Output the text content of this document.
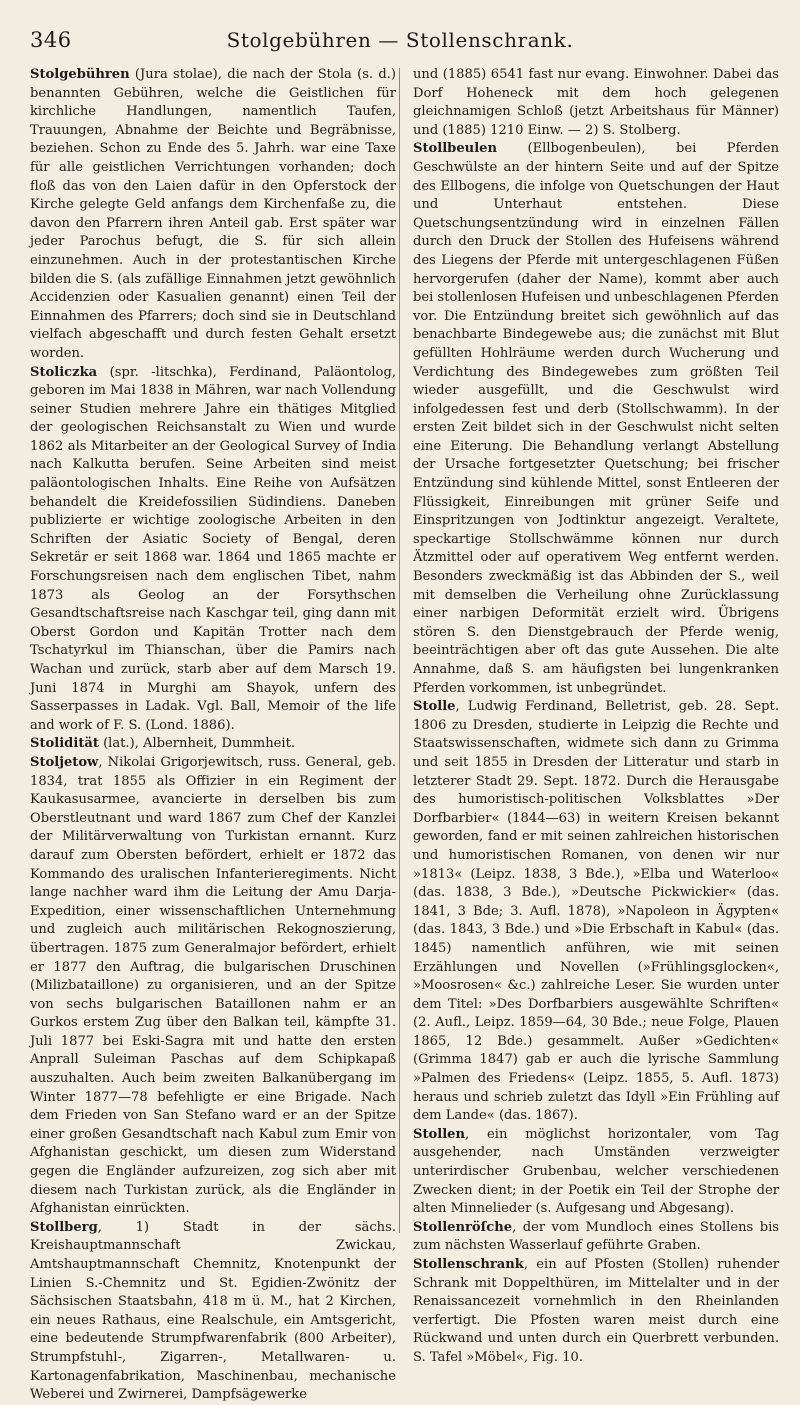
346	Stolgebühren — Stollenschrank.

Stolgebühren (Jura stolae), die nach der Stola (s. d.) benannten Gebühren, welche die Geistlichen für kirchliche Handlungen, namentlich Taufen, Trauungen, Abnahme der Beichte und Begräbnisse, beziehen. Schon zu Ende des 5. Jahrh. war eine Taxe für alle geistlichen Verrichtungen vorhanden; doch floß das von den Laien dafür in den Opferstock der Kirche gelegte Geld anfangs dem Kirchenfaße zu, die davon den Pfarrern ihren Anteil gab. Erst später war jeder Parochus befugt, die S. für sich allein einzunehmen. Auch in der protestantischen Kirche bilden die S. (als zufällige Einnahmen jetzt gewöhnlich Accidenzien oder Kasualien genannt) einen Teil der Einnahmen des Pfarrers; doch sind sie in Deutschland vielfach abgeschafft und durch festen Gehalt ersetzt worden.

Stoliczka (spr. -litschka), Ferdinand, Paläontolog, geboren im Mai 1838 in Mähren, war nach Vollendung seiner Studien mehrere Jahre ein thätiges Mitglied der geologischen Reichsanstalt zu Wien und wurde 1862 als Mitarbeiter an der Geological Survey of India nach Kalkutta berufen. Seine Arbeiten sind meist paläontologischen Inhalts. Eine Reihe von Aufsätzen behandelt die Kreidefossilien Südindiens. Daneben publizierte er wichtige zoologische Arbeiten in den Schriften der Asiatic Society of Bengal, deren Sekretär er seit 1868 war. 1864 und 1865 machte er Forschungsreisen nach dem englischen Tibet, nahm 1873 als Geolog an der Forsythschen Gesandtschaftsreise nach Kaschgar teil, ging dann mit Oberst Gordon und Kapitän Trotter nach dem Tschatyrkul im Thianschan, über die Pamirs nach Wachan und zurück, starb aber auf dem Marsch 19. Juni 1874 in Murghi am Shayok, unfern des Sasserpasses in Ladak. Vgl. Ball, Memoir of the life and work of F. S. (Lond. 1886).

Stolidität (lat.), Albernheit, Dummheit.

Stoljetow, Nikolai Grigorjewitsch, russ. General, geb. 1834, trat 1855 als Offizier in ein Regiment der Kaukasusarmee, avancierte in derselben bis zum Oberstleutnant und ward 1867 zum Chef der Kanzlei der Militärverwaltung von Turkistan ernannt. Kurz darauf zum Obersten befördert, erhielt er 1872 das Kommando des uralischen Infanterieregiments. Nicht lange nachher ward ihm die Leitung der Amu Darja-Expedition, einer wissenschaftlichen Unternehmung und zugleich auch militärischen Rekognoszierung, übertragen. 1875 zum Generalmajor befördert, erhielt er 1877 den Auftrag, die bulgarischen Druschinen (Milizbataillone) zu organisieren, und an der Spitze von sechs bulgarischen Bataillonen nahm er an Gurkos erstem Zug über den Balkan teil, kämpfte 31. Juli 1877 bei Eski-Sagra mit und hatte den ersten Anprall Suleiman Paschas auf dem Schipkapaß auszuhalten. Auch beim zweiten Balkanübergang im Winter 1877—78 befehligte er eine Brigade. Nach dem Frieden von San Stefano ward er an der Spitze einer großen Gesandtschaft nach Kabul zum Emir von Afghanistan geschickt, um diesen zum Widerstand gegen die Engländer aufzureizen, zog sich aber mit diesem nach Turkistan zurück, als die Engländer in Afghanistan einrückten.

Stollberg, 1) Stadt in der sächs. Kreishauptmannschaft Zwickau, Amtshauptmannschaft Chemnitz, Knotenpunkt der Linien S.-Chemnitz und St. Egidien-Zwönitz der Sächsischen Staatsbahn, 418 m ü. M., hat 2 Kirchen, ein neues Rathaus, eine Realschule, ein Amtsgericht, eine bedeutende Strumpfwarenfabrik (800 Arbeiter), Strumpfstuhl-, Zigarren-, Metallwaren- u. Kartonagenfabrikation, Maschinenbau, mechanische Weberei und Zwirnerei, Dampfsägewerke

und (1885) 6541 fast nur evang. Einwohner. Dabei das Dorf Hoheneck mit dem hoch gelegenen gleichnamigen Schloß (jetzt Arbeitshaus für Männer) und (1885) 1210 Einw. — 2) S. Stolberg.

Stollbeulen (Ellbogenbeulen), bei Pferden Geschwülste an der hintern Seite und auf der Spitze des Ellbogens, die infolge von Quetschungen der Haut und Unterhaut entstehen. Diese Quetschungsentzündung wird in einzelnen Fällen durch den Druck der Stollen des Hufeisens während des Liegens der Pferde mit untergeschlagenen Füßen hervorgerufen (daher der Name), kommt aber auch bei stollenlosen Hufeisen und unbeschlagenen Pferden vor. Die Entzündung breitet sich gewöhnlich auf das benachbarte Bindegewebe aus; die zunächst mit Blut gefüllten Hohlräume werden durch Wucherung und Verdichtung des Bindegewebes zum größten Teil wieder ausgefüllt, und die Geschwulst wird infolgedessen fest und derb (Stollschwamm). In der ersten Zeit bildet sich in der Geschwulst nicht selten eine Eiterung. Die Behandlung verlangt Abstellung der Ursache fortgesetzter Quetschung; bei frischer Entzündung sind kühlende Mittel, sonst Entleeren der Flüssigkeit, Einreibungen mit grüner Seife und Einspritzungen von Jodtinktur angezeigt. Veraltete, speckartige Stollschwämme können nur durch Ätzmittel oder auf operativem Weg entfernt werden. Besonders zweckmäßig ist das Abbinden der S., weil mit demselben die Verheilung ohne Zurücklassung einer narbigen Deformität erzielt wird. Übrigens stören S. den Dienstgebrauch der Pferde wenig, beeinträchtigen aber oft das gute Aussehen. Die alte Annahme, daß S. am häufigsten bei lungenkranken Pferden vorkommen, ist unbegründet.

Stolle, Ludwig Ferdinand, Belletrist, geb. 28. Sept. 1806 zu Dresden, studierte in Leipzig die Rechte und Staatswissenschaften, widmete sich dann zu Grimma und seit 1855 in Dresden der Litteratur und starb in letzterer Stadt 29. Sept. 1872. Durch die Herausgabe des humoristisch-politischen Volksblattes »Der Dorfbarbier« (1844—63) in weitern Kreisen bekannt geworden, fand er mit seinen zahlreichen historischen und humoristischen Romanen, von denen wir nur »1813« (Leipz. 1838, 3 Bde.), »Elba und Waterloo« (das. 1838, 3 Bde.), »Deutsche Pickwickier« (das. 1841, 3 Bde; 3. Aufl. 1878), »Napoleon in Ägypten« (das. 1843, 3 Bde.) und »Die Erbschaft in Kabul« (das. 1845) namentlich anführen, wie mit seinen Erzählungen und Novellen (»Frühlingsglocken«, »Moosrosen« &c.) zahlreiche Leser. Sie wurden unter dem Titel: »Des Dorfbarbiers ausgewählte Schriften« (2. Aufl., Leipz. 1859—64, 30 Bde.; neue Folge, Plauen 1865, 12 Bde.) gesammelt. Außer »Gedichten« (Grimma 1847) gab er auch die lyrische Sammlung »Palmen des Friedens« (Leipz. 1855, 5. Aufl. 1873) heraus und schrieb zuletzt das Idyll »Ein Frühling auf dem Lande« (das. 1867).

Stollen, ein möglichst horizontaler, vom Tag ausgehender, nach Umständen verzweigter unterirdischer Grubenbau, welcher verschiedenen Zwecken dient; in der Poetik ein Teil der Strophe der alten Minnelieder (s. Aufgesang und Abgesang).

Stollenröſche, der vom Mundloch eines Stollens bis zum nächsten Wasserlauf geführte Graben.

Stollenschrank, ein auf Pfosten (Stollen) ruhender Schrank mit Doppelthüren, im Mittelalter und in der Renaissancezeit vornehmlich in den Rheinlanden verfertigt. Die Pfosten waren meist durch eine Rückwand und unten durch ein Querbrett verbunden. S. Tafel »Möbel«, Fig. 10.
